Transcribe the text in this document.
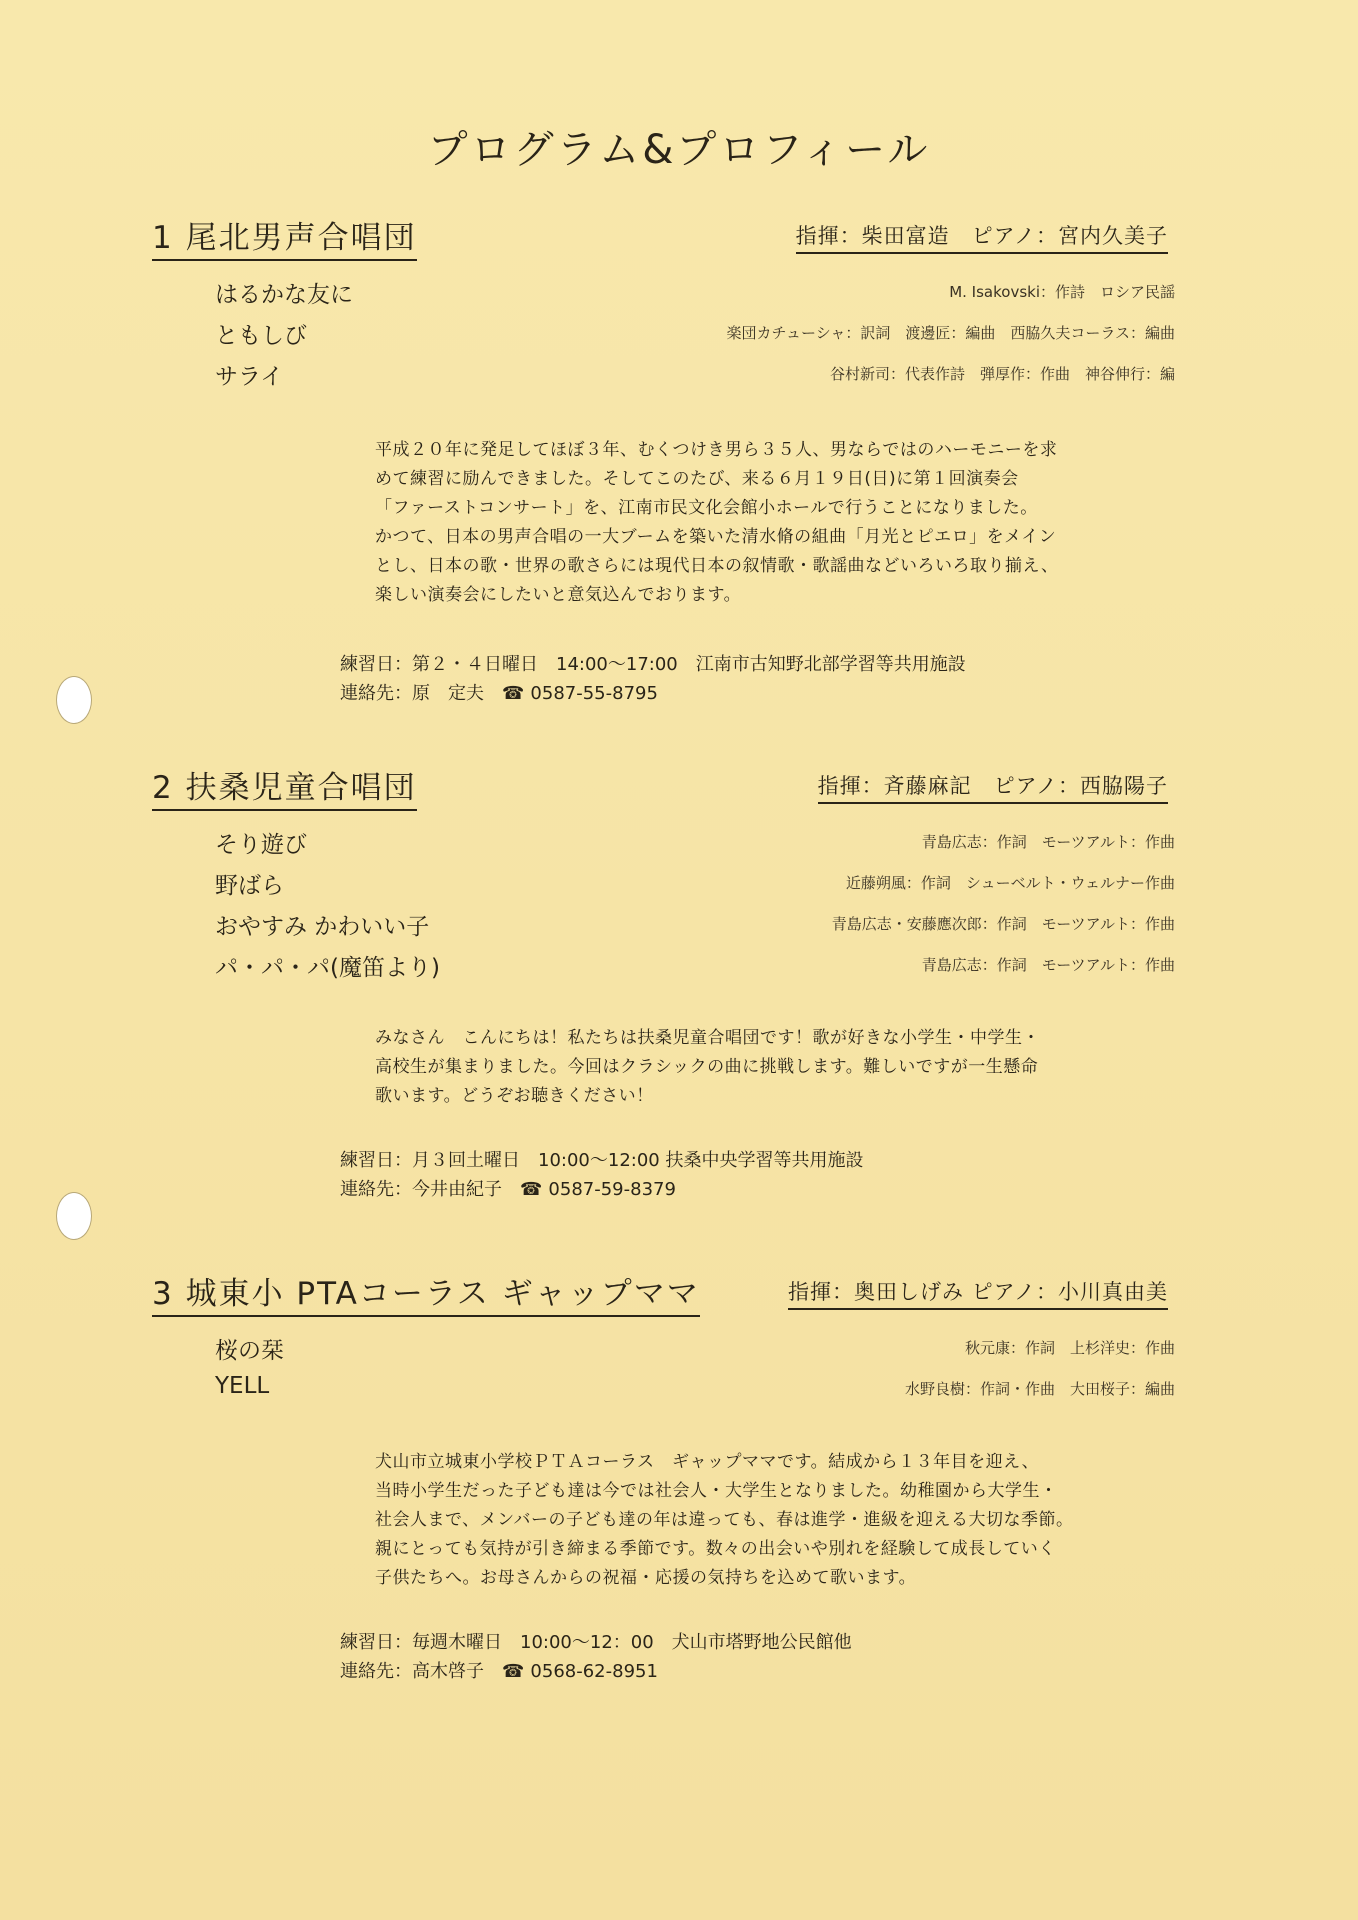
プログラム&プロフィール
1 尾北男声合唱団	指揮：柴田富造　ピアノ：宮内久美子
はるかな友に	M. Isakovski：作詩　ロシア民謡
ともしび	楽団カチューシャ：訳詞　渡邊匠：編曲　西脇久夫コーラス：編曲
サライ	谷村新司：代表作詩　弾厚作：作曲　神谷伸行：編

平成２０年に発足してほぼ３年、むくつけき男ら３５人、男ならではのハーモニーを求

めて練習に励んできました。そしてこのたび、来る６月１９日(日)に第１回演奏会

「ファーストコンサート」を、江南市民文化会館小ホールで行うことになりました。

かつて、日本の男声合唱の一大ブームを築いた清水脩の組曲「月光とピエロ」をメイン

とし、日本の歌・世界の歌さらには現代日本の叙情歌・歌謡曲などいろいろ取り揃え、

楽しい演奏会にしたいと意気込んでおります。

練習日：第２・４日曜日　14:00～17:00　江南市古知野北部学習等共用施設
連絡先：原　定夫 ☎ 0587-55-8795
2 扶桑児童合唱団	指揮：斉藤麻記　ピアノ：西脇陽子
そり遊び	青島広志：作詞　モーツアルト：作曲
野ばら	近藤朔風：作詞　シューベルト・ウェルナー作曲
おやすみ かわいい子	青島広志・安藤應次郎：作詞　モーツアルト：作曲
パ・パ・パ(魔笛より)	青島広志：作詞　モーツアルト：作曲

みなさん　こんにちは！私たちは扶桑児童合唱団です！歌が好きな小学生・中学生・

高校生が集まりました。今回はクラシックの曲に挑戦します。難しいですが一生懸命

歌います。どうぞお聴きください！

練習日：月３回土曜日　10:00～12:00 扶桑中央学習等共用施設
連絡先：今井由紀子 ☎ 0587-59-8379
3 城東小 PTAコーラス ギャップママ	指揮：奥田しげみ ピアノ：小川真由美
桜の栞	秋元康：作詞　上杉洋史：作曲
YELL	水野良樹：作詞・作曲　大田桜子：編曲

犬山市立城東小学校ＰＴＡコーラス　ギャップママです。結成から１３年目を迎え、

当時小学生だった子ども達は今では社会人・大学生となりました。幼稚園から大学生・

社会人まで、メンバーの子ども達の年は違っても、春は進学・進級を迎える大切な季節。

親にとっても気持が引き締まる季節です。数々の出会いや別れを経験して成長していく

子供たちへ。お母さんからの祝福・応援の気持ちを込めて歌います。

練習日：毎週木曜日　10:00～12：00　犬山市塔野地公民館他
連絡先：高木啓子 ☎ 0568-62-8951
